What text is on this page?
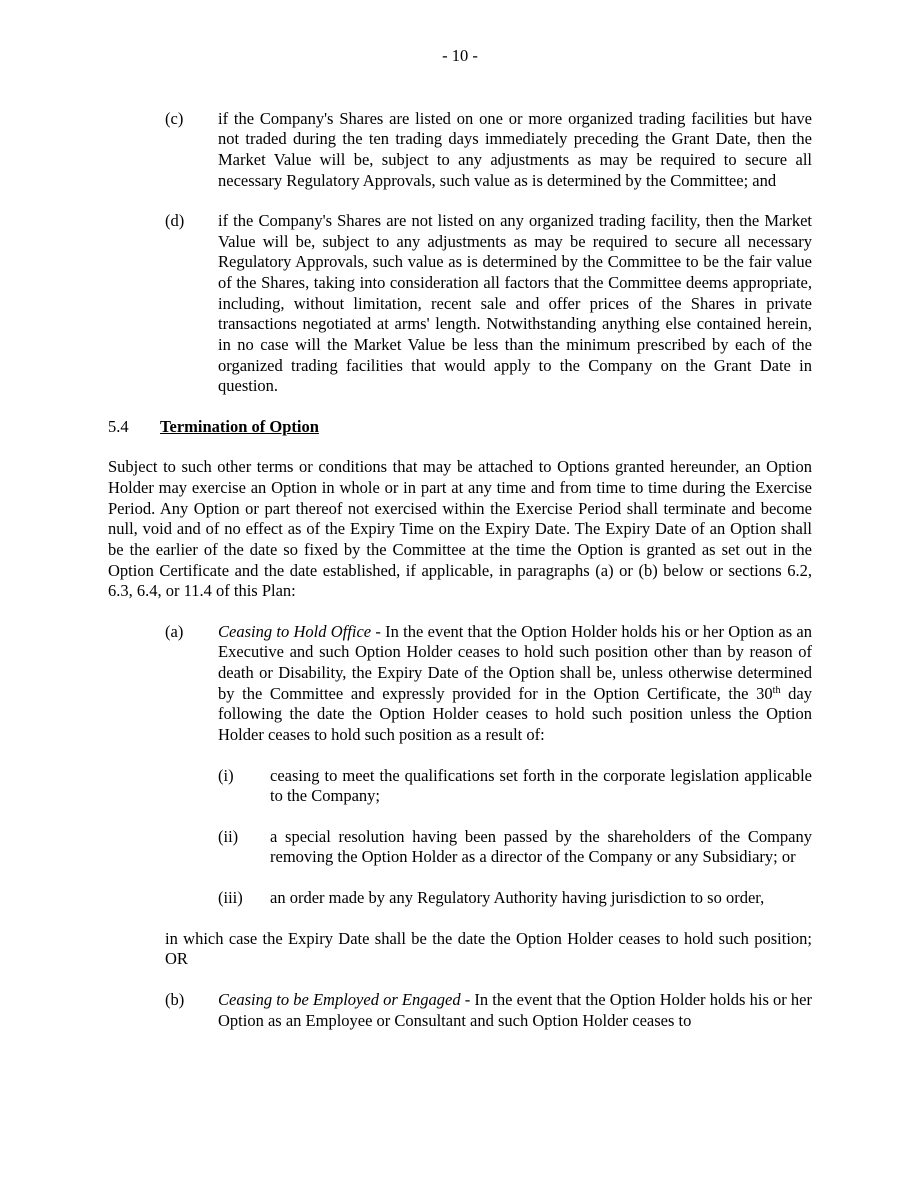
- 10 -
(c) if the Company's Shares are listed on one or more organized trading facilities but have not traded during the ten trading days immediately preceding the Grant Date, then the Market Value will be, subject to any adjustments as may be required to secure all necessary Regulatory Approvals, such value as is determined by the Committee; and
(d) if the Company's Shares are not listed on any organized trading facility, then the Market Value will be, subject to any adjustments as may be required to secure all necessary Regulatory Approvals, such value as is determined by the Committee to be the fair value of the Shares, taking into consideration all factors that the Committee deems appropriate, including, without limitation, recent sale and offer prices of the Shares in private transactions negotiated at arms' length. Notwithstanding anything else contained herein, in no case will the Market Value be less than the minimum prescribed by each of the organized trading facilities that would apply to the Company on the Grant Date in question.
5.4 Termination of Option

Subject to such other terms or conditions that may be attached to Options granted hereunder, an Option Holder may exercise an Option in whole or in part at any time and from time to time during the Exercise Period. Any Option or part thereof not exercised within the Exercise Period shall terminate and become null, void and of no effect as of the Expiry Time on the Expiry Date. The Expiry Date of an Option shall be the earlier of the date so fixed by the Committee at the time the Option is granted as set out in the Option Certificate and the date established, if applicable, in paragraphs (a) or (b) below or sections 6.2, 6.3, 6.4, or 11.4 of this Plan:

(a) Ceasing to Hold Office - In the event that the Option Holder holds his or her Option as an Executive and such Option Holder ceases to hold such position other than by reason of death or Disability, the Expiry Date of the Option shall be, unless otherwise determined by the Committee and expressly provided for in the Option Certificate, the 30th day following the date the Option Holder ceases to hold such position unless the Option Holder ceases to hold such position as a result of:
(i) ceasing to meet the qualifications set forth in the corporate legislation applicable to the Company;
(ii) a special resolution having been passed by the shareholders of the Company removing the Option Holder as a director of the Company or any Subsidiary; or
(iii) an order made by any Regulatory Authority having jurisdiction to so order,

in which case the Expiry Date shall be the date the Option Holder ceases to hold such position; OR

(b) Ceasing to be Employed or Engaged - In the event that the Option Holder holds his or her Option as an Employee or Consultant and such Option Holder ceases to
